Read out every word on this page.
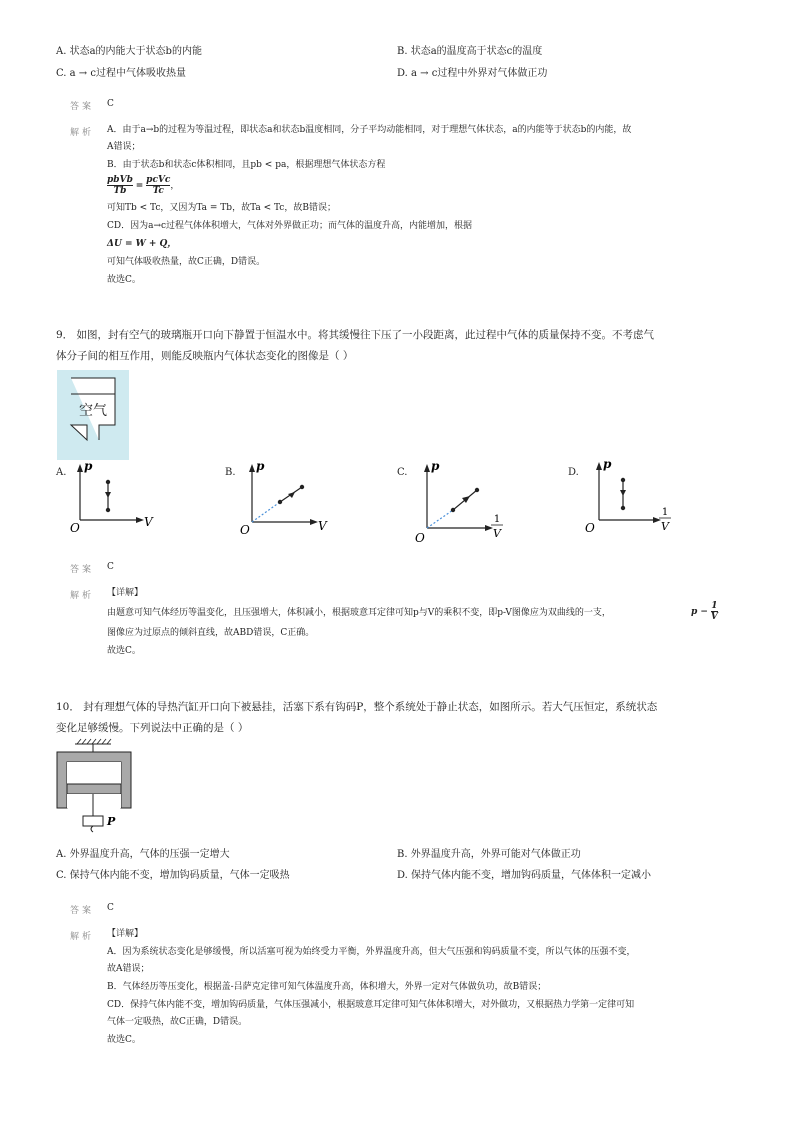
A. 状态a的内能大于状态b的内能	B. 状态a的温度高于状态c的温度
C. a → c过程中气体吸收热量	D. a → c过程中外界对气体做正功
答案 C
解析 A．由于a→b的过程为等温过程，即状态a和状态b温度相同，分子平均动能相同，对于理想气体状态，a的内能等于状态b的内能，故
A错误；
B．由于状态b和状态c体积相同，且pb < pa，根据理想气体状态方程
$\frac{\text{pbVb}}{Tb} = \frac{\text{pcVc}}{Tc}$ ，
可知Tb < Tc，又因为Ta = Tb，故Ta < Tc，故B错误；
CD．因为a→c过程气体体积增大，气体对外界做正功；而气体的温度升高，内能增加，根据
ΔU = W + Q，
可知气体吸收热量，故C正确，D错误。
故选C。
9． 如图，封有空气的玻璃瓶开口向下静置于恒温水中。将其缓慢往下压了一小段距离，此过程中气体的质量保持不变。不考虑气
体分子间的相互作用，则能反映瓶内气体状态变化的图像是（ ）
空气
A. p
V
O
B. p
V
O
C. p
1
V
O
D.
p
1
V
O
答案 C
解析 【详解】
由题意可知气体经历等温变化，且压强增大，体积减小，根据玻意耳定律可知p与V的乘积不变，即p-V图像应为双曲线的一支，	$p - \frac{1}{V}$
图像应为过原点的倾斜直线，故ABD错误，C正确。
故选C。
10． 封有理想气体的导热汽缸开口向下被悬挂，活塞下系有钩码P，整个系统处于静止状态，如图所示。若大气压恒定，系统状态
变化足够缓慢。下列说法中正确的是（ ）
P
A. 外界温度升高，气体的压强一定增大	B. 外界温度升高，外界可能对气体做正功
C. 保持气体内能不变，增加钩码质量，气体一定吸热	D. 保持气体内能不变，增加钩码质量，气体体积一定减小
答案 C
解析 【详解】
A．因为系统状态变化是够缓慢，所以活塞可视为始终受力平衡，外界温度升高，但大气压强和钩码质量不变，所以气体的压强不变，
故A错误；
B．气体经历等压变化，根据盖-吕萨克定律可知气体温度升高，体积增大，外界一定对气体做负功，故B错误；
CD．保持气体内能不变，增加钩码质量，气体压强减小，根据玻意耳定律可知气体体积增大，对外做功，又根据热力学第一定律可知
气体一定吸热，故C正确，D错误。
故选C。
